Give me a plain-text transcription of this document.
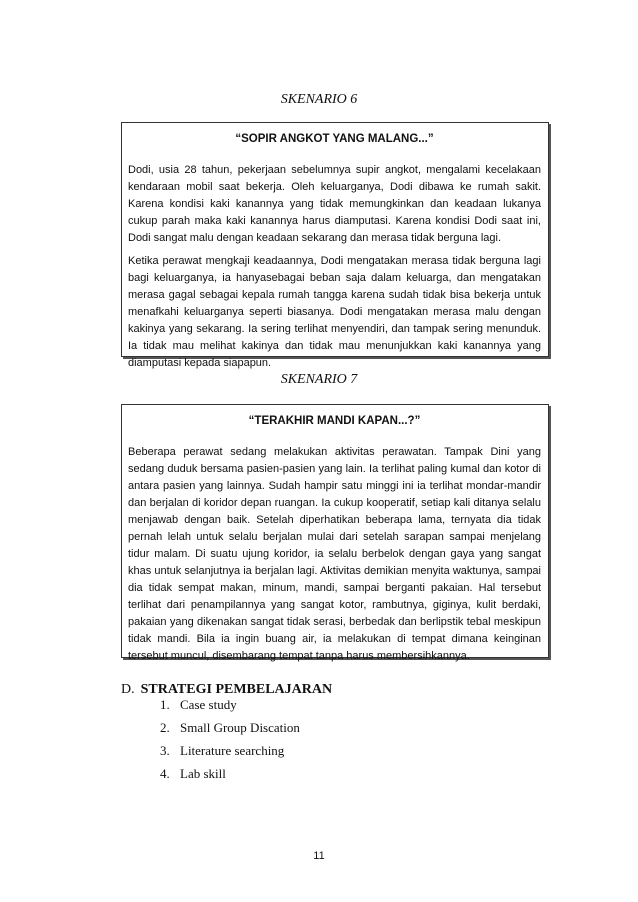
SKENARIO 6
“SOPIR ANGKOT YANG MALANG...”

Dodi, usia 28 tahun, pekerjaan sebelumnya supir angkot, mengalami kecelakaan kendaraan mobil saat bekerja. Oleh keluarganya, Dodi dibawa ke rumah sakit. Karena kondisi kaki kanannya yang tidak memungkinkan dan keadaan lukanya cukup parah maka kaki kanannya harus diamputasi. Karena kondisi Dodi saat ini, Dodi sangat malu dengan keadaan sekarang dan merasa tidak berguna lagi.

Ketika perawat mengkaji keadaannya, Dodi mengatakan merasa tidak berguna lagi bagi keluarganya, ia hanyasebagai beban saja dalam keluarga, dan mengatakan merasa gagal sebagai kepala rumah tangga karena sudah tidak bisa bekerja untuk menafkahi keluarganya seperti biasanya. Dodi mengatakan merasa malu dengan kakinya yang sekarang. Ia sering terlihat menyendiri, dan tampak sering menunduk. Ia tidak mau melihat kakinya dan tidak mau menunjukkan kaki kanannya yang diamputasi kepada siapapun.

SKENARIO 7
“TERAKHIR MANDI KAPAN...?”

Beberapa perawat sedang melakukan aktivitas perawatan. Tampak Dini yang sedang duduk bersama pasien-pasien yang lain. Ia terlihat paling kumal dan kotor di antara pasien yang lainnya. Sudah hampir satu minggi ini ia terlihat mondar-mandir dan berjalan di koridor depan ruangan. Ia cukup kooperatif, setiap kali ditanya selalu menjawab dengan baik. Setelah diperhatikan beberapa lama, ternyata dia tidak pernah lelah untuk selalu berjalan mulai dari setelah sarapan sampai menjelang tidur malam. Di suatu ujung koridor, ia selalu berbelok dengan gaya yang sangat khas untuk selanjutnya ia berjalan lagi. Aktivitas demikian menyita waktunya, sampai dia tidak sempat makan, minum, mandi, sampai berganti pakaian. Hal tersebut terlihat dari penampilannya yang sangat kotor, rambutnya, giginya, kulit berdaki, pakaian yang dikenakan sangat tidak serasi, berbedak dan berlipstik tebal meskipun tidak mandi. Bila ia ingin buang air, ia melakukan di tempat dimana keinginan tersebut muncul, disembarang tempat tanpa harus membersihkannya.

D. STRATEGI PEMBELAJARAN
1. Case study
2. Small Group Discation
3. Literature searching
4. Lab skill
11
